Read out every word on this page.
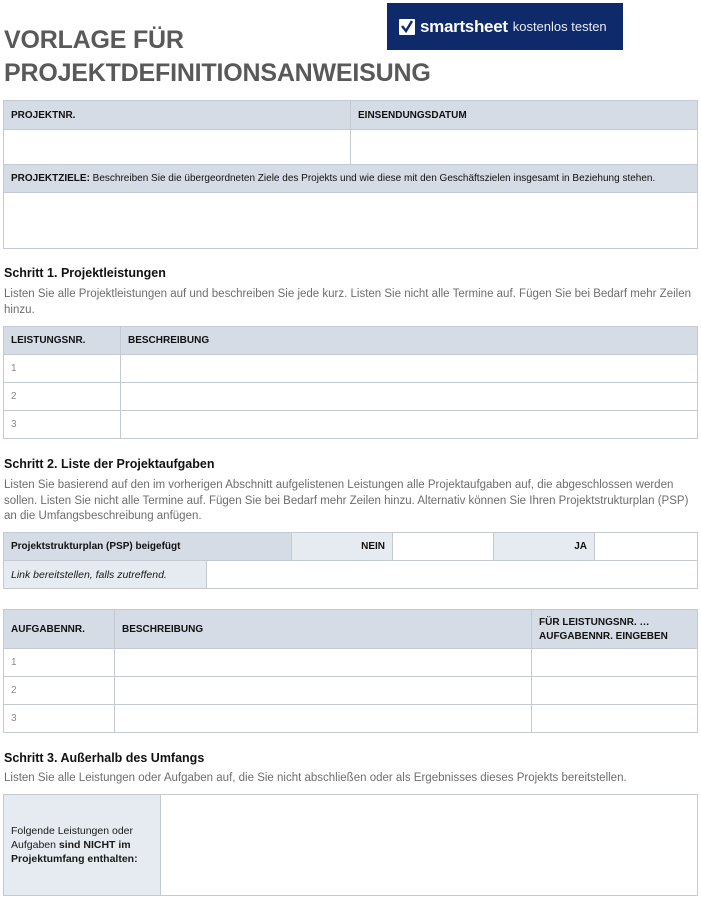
VORLAGE FÜR
PROJEKTDEFINITIONSANWEISUNG
smartsheet kostenlos testen
PROJEKTNR.	EINSENDUNGSDATUM

PROJEKTZIELE: Beschreiben Sie die übergeordneten Ziele des Projekts und wie diese mit den Geschäftszielen insgesamt in Beziehung stehen.	

Schritt 1. Projektleistungen
Listen Sie alle Projektleistungen auf und beschreiben Sie jede kurz. Listen Sie nicht alle Termine auf. Fügen Sie bei Bedarf mehr Zeilen hinzu.
LEISTUNGSNR.	BESCHREIBUNG
1	
2	
3	
Schritt 2. Liste der Projektaufgaben
Listen Sie basierend auf den im vorherigen Abschnitt aufgelistenen Leistungen alle Projektaufgaben auf, die abgeschlossen werden sollen. Listen Sie nicht alle Termine auf. Fügen Sie bei Bedarf mehr Zeilen hinzu. Alternativ können Sie Ihren Projektstrukturplan (PSP) an die Umfangsbeschreibung anfügen.
Projektstrukturplan (PSP) beigefügt		NEIN		JA	
Link bereitstellen, falls zutreffend.					
AUFGABENNR.	BESCHREIBUNG	FÜR LEISTUNGSNR. …
AUFGABENNR. EINGEBEN

1		
2		
3		
Schritt 3. Außerhalb des Umfangs
Listen Sie alle Leistungen oder Aufgaben auf, die Sie nicht abschließen oder als Ergebnisses dieses Projekts bereitstellen.
Folgende Leistungen oder Aufgaben sind NICHT im Projektumfang enthalten:	
